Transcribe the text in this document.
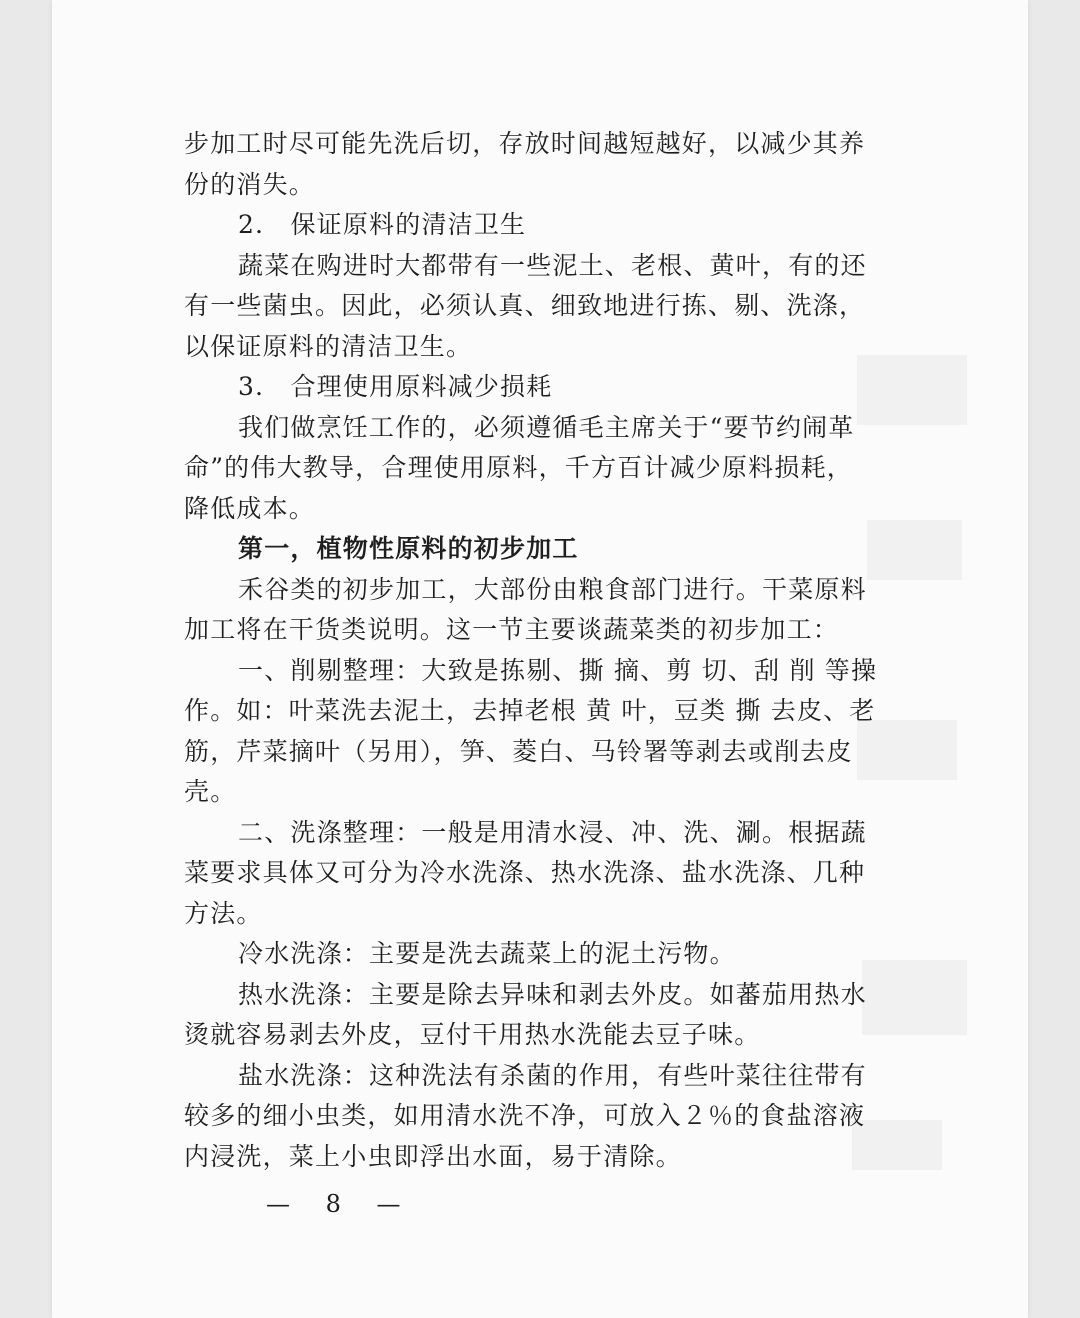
步加工时尽可能先洗后切，存放时间越短越好，以减少其养
份的消失。
2． 保证原料的清洁卫生
蔬菜在购进时大都带有一些泥土、老根、黄叶，有的还
有一些菌虫。因此，必须认真、细致地进行拣、剔、洗涤，
以保证原料的清洁卫生。
3． 合理使用原料减少损耗
我们做烹饪工作的，必须遵循毛主席关于“要节约闹革
命”的伟大教导，合理使用原料，千方百计减少原料损耗，
降低成本。
第一，植物性原料的初步加工
禾谷类的初步加工，大部份由粮食部门进行。干菜原料
加工将在干货类说明。这一节主要谈蔬菜类的初步加工：
一、削剔整理：大致是拣剔、撕 摘、剪 切、刮 削 等操
作。如：叶菜洗去泥土，去掉老根 黄 叶，豆类 撕 去皮、老
筋，芹菜摘叶（另用），笋、菱白、马铃署等剥去或削去皮
壳。
二、洗涤整理：一般是用清水浸、冲、洗、涮。根据蔬
菜要求具体又可分为冷水洗涤、热水洗涤、盐水洗涤、几种
方法。
冷水洗涤：主要是洗去蔬菜上的泥土污物。
热水洗涤：主要是除去异味和剥去外皮。如蕃茄用热水
烫就容易剥去外皮，豆付干用热水洗能去豆子味。
盐水洗涤：这种洗法有杀菌的作用，有些叶菜往往带有
较多的细小虫类，如用清水洗不净，可放入２％的食盐溶液
内浸洗，菜上小虫即浮出水面，易于清除。
— 8 —
